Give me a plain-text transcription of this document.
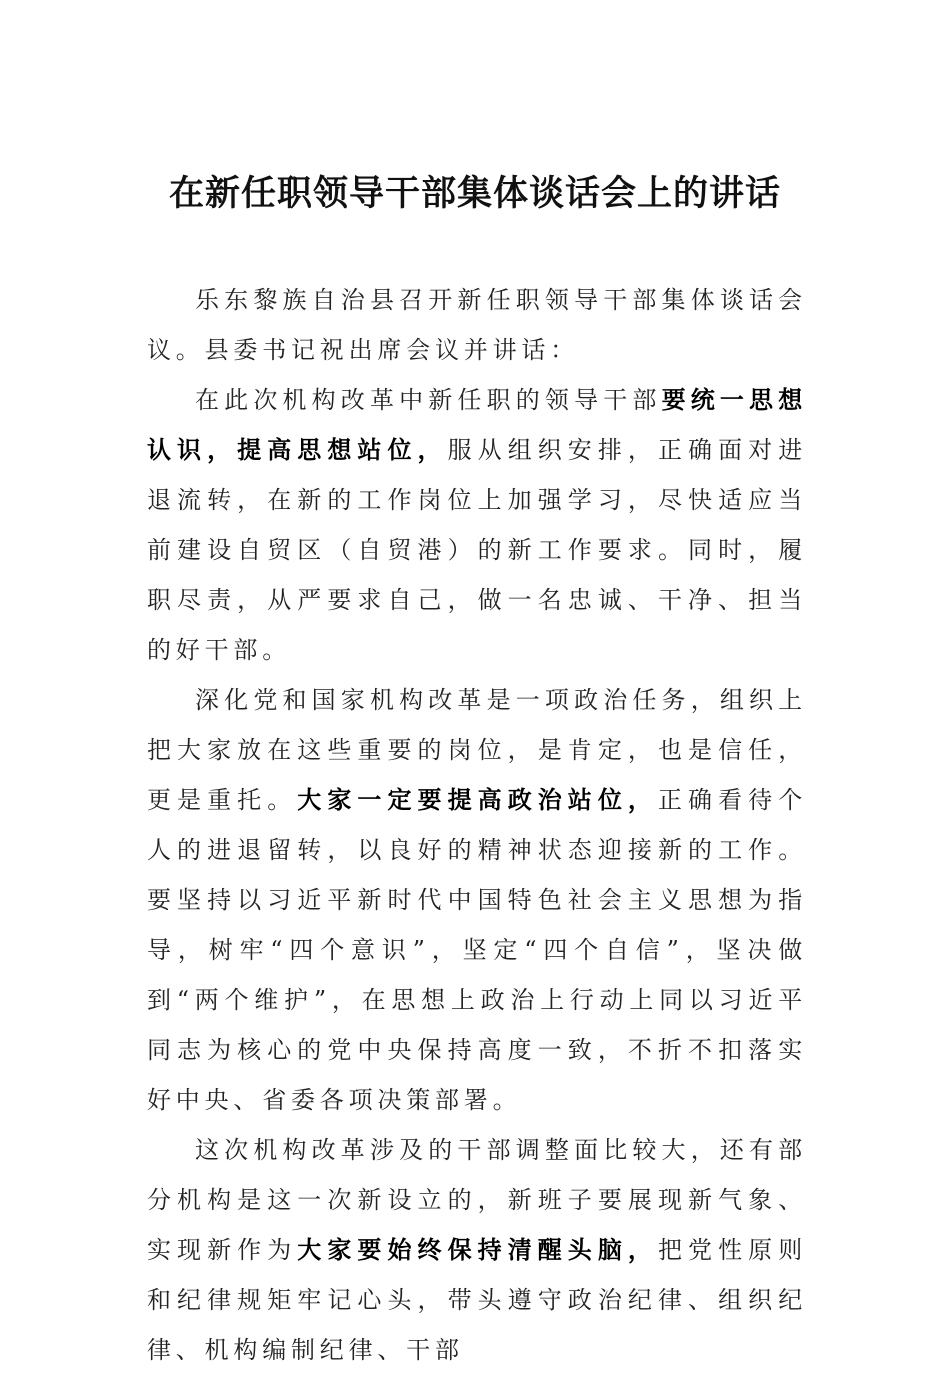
在新任职领导干部集体谈话会上的讲话

乐东黎族自治县召开新任职领导干部集体谈话会议。县委书记祝出席会议并讲话：

在此次机构改革中新任职的领导干部要统一思想认识，提高思想站位，服从组织安排，正确面对进退流转，在新的工作岗位上加强学习，尽快适应当前建设自贸区（自贸港）的新工作要求。同时，履职尽责，从严要求自己，做一名忠诚、干净、担当的好干部。

深化党和国家机构改革是一项政治任务，组织上把大家放在这些重要的岗位，是肯定，也是信任，更是重托。大家一定要提高政治站位，正确看待个人的进退留转，以良好的精神状态迎接新的工作。要坚持以习近平新时代中国特色社会主义思想为指导，树牢“四个意识”，坚定“四个自信”，坚决做到“两个维护”，在思想上政治上行动上同以习近平同志为核心的党中央保持高度一致，不折不扣落实好中央、省委各项决策部署。

这次机构改革涉及的干部调整面比较大，还有部分机构是这一次新设立的，新班子要展现新气象、实现新作为大家要始终保持清醒头脑，把党性原则和纪律规矩牢记心头，带头遵守政治纪律、组织纪律、机构编制纪律、干部
